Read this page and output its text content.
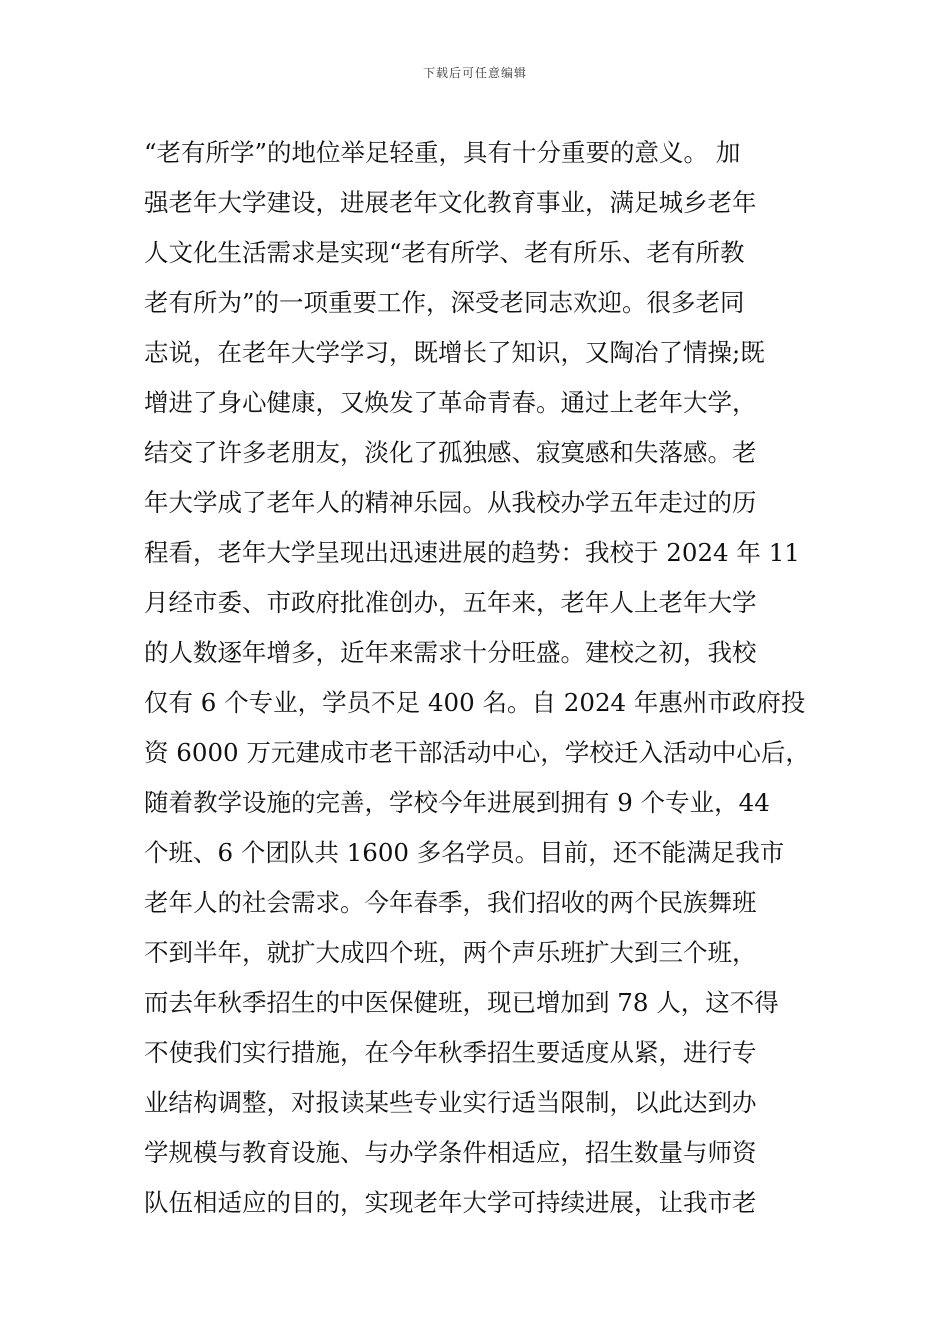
下载后可任意编辑
“老有所学”的地位举足轻重，具有十分重要的意义。 加
强老年大学建设，进展老年文化教育事业，满足城乡老年
人文化生活需求是实现“老有所学、老有所乐、老有所教
老有所为”的一项重要工作，深受老同志欢迎。很多老同
志说，在老年大学学习，既增长了知识，又陶冶了情操;既
增进了身心健康，又焕发了革命青春。通过上老年大学，
结交了许多老朋友，淡化了孤独感、寂寞感和失落感。老
年大学成了老年人的精神乐园。从我校办学五年走过的历
程看，老年大学呈现出迅速进展的趋势：我校于 2024 年 11
月经市委、市政府批准创办，五年来，老年人上老年大学
的人数逐年增多，近年来需求十分旺盛。建校之初，我校
仅有 6 个专业，学员不足 400 名。自 2024 年惠州市政府投
资 6000 万元建成市老干部活动中心，学校迁入活动中心后，
随着教学设施的完善，学校今年进展到拥有 9 个专业，44
个班、6 个团队共 1600 多名学员。目前，还不能满足我市
老年人的社会需求。今年春季，我们招收的两个民族舞班
不到半年，就扩大成四个班，两个声乐班扩大到三个班，
而去年秋季招生的中医保健班，现已增加到 78 人，这不得
不使我们实行措施，在今年秋季招生要适度从紧，进行专
业结构调整，对报读某些专业实行适当限制，以此达到办
学规模与教育设施、与办学条件相适应，招生数量与师资
队伍相适应的目的，实现老年大学可持续进展，让我市老
